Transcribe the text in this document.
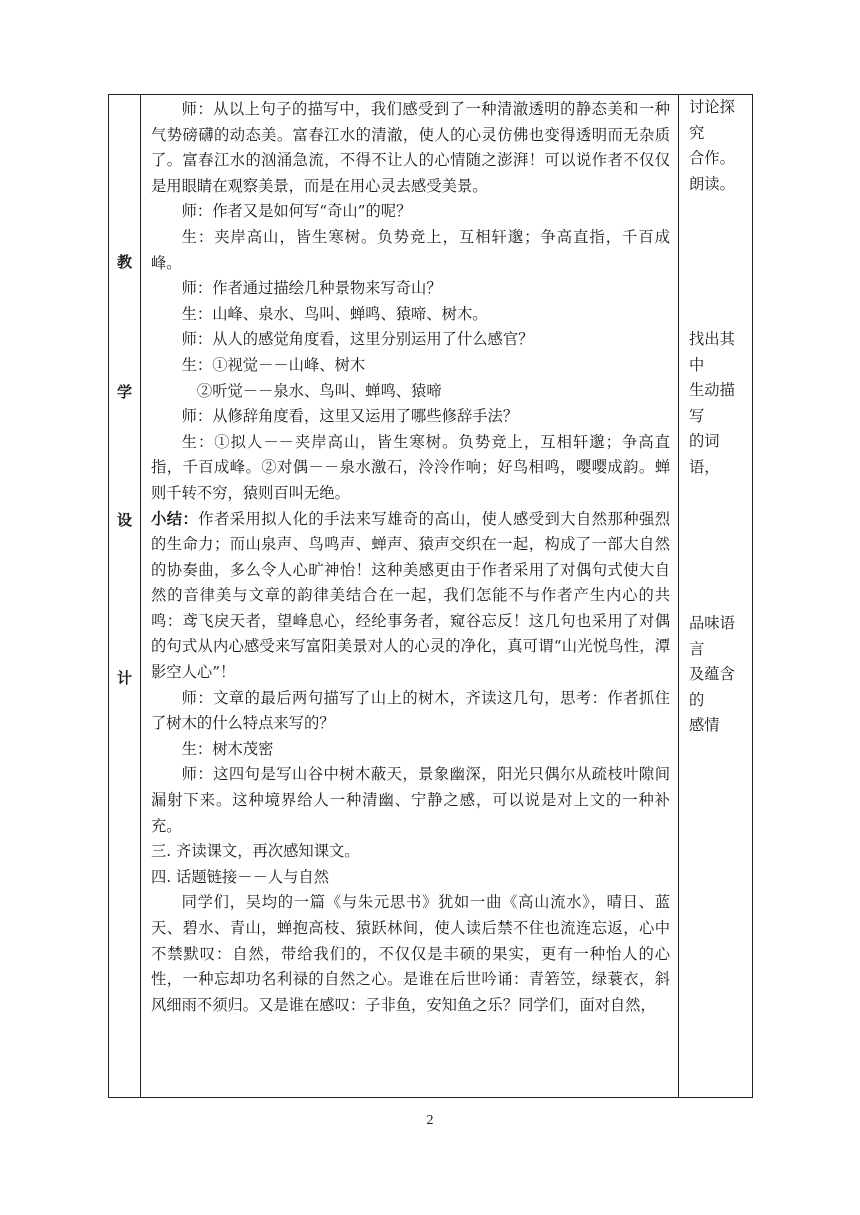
教
学
设
计

师：从以上句子的描写中，我们感受到了一种清澈透明的静态美和一种气势磅礴的动态美。富春江水的清澈，使人的心灵仿佛也变得透明而无杂质了。富春江水的汹涌急流，不得不让人的心情随之澎湃！可以说作者不仅仅是用眼睛在观察美景，而是在用心灵去感受美景。

师：作者又是如何写“奇山”的呢？

生：夹岸高山，皆生寒树。负势竞上，互相轩邈；争高直指，千百成峰。

师：作者通过描绘几种景物来写奇山？

生：山峰、泉水、鸟叫、蝉鸣、猿啼、树木。

师：从人的感觉角度看，这里分别运用了什么感官？

生：①视觉－－山峰、树木

②听觉－－泉水、鸟叫、蝉鸣、猿啼

师：从修辞角度看，这里又运用了哪些修辞手法？

生：①拟人－－夹岸高山，皆生寒树。负势竞上，互相轩邈；争高直指，千百成峰。②对偶－－泉水激石，泠泠作响；好鸟相鸣，嘤嘤成韵。蝉则千转不穷，猿则百叫无绝。

小结：作者采用拟人化的手法来写雄奇的高山，使人感受到大自然那种强烈的生命力；而山泉声、鸟鸣声、蝉声、猿声交织在一起，构成了一部大自然的协奏曲，多么令人心旷神怡！这种美感更由于作者采用了对偶句式使大自然的音律美与文章的韵律美结合在一起，我们怎能不与作者产生内心的共鸣：鸢飞戾天者，望峰息心，经纶事务者，窥谷忘反！这几句也采用了对偶的句式从内心感受来写富阳美景对人的心灵的净化，真可谓“山光悦鸟性，潭影空人心”！

师：文章的最后两句描写了山上的树木，齐读这几句，思考：作者抓住了树木的什么特点来写的？

生：树木茂密

师：这四句是写山谷中树木蔽天，景象幽深，阳光只偶尔从疏枝叶隙间漏射下来。这种境界给人一种清幽、宁静之感，可以说是对上文的一种补充。

三. 齐读课文，再次感知课文。

四. 话题链接－－人与自然

同学们，吴均的一篇《与朱元思书》犹如一曲《高山流水》，晴日、蓝天、碧水、青山，蝉抱高枝、猿跃林间，使人读后禁不住也流连忘返，心中不禁默叹：自然，带给我们的，不仅仅是丰硕的果实，更有一种怡人的心性，一种忘却功名利禄的自然之心。是谁在后世吟诵：青箬笠，绿蓑衣，斜风细雨不须归。又是谁在感叹：子非鱼，安知鱼之乐？同学们，面对自然，

讨论探究
合作。
朗读。
找出其中
生动描写
的词语，
品味语言
及蕴含的
感情
2
